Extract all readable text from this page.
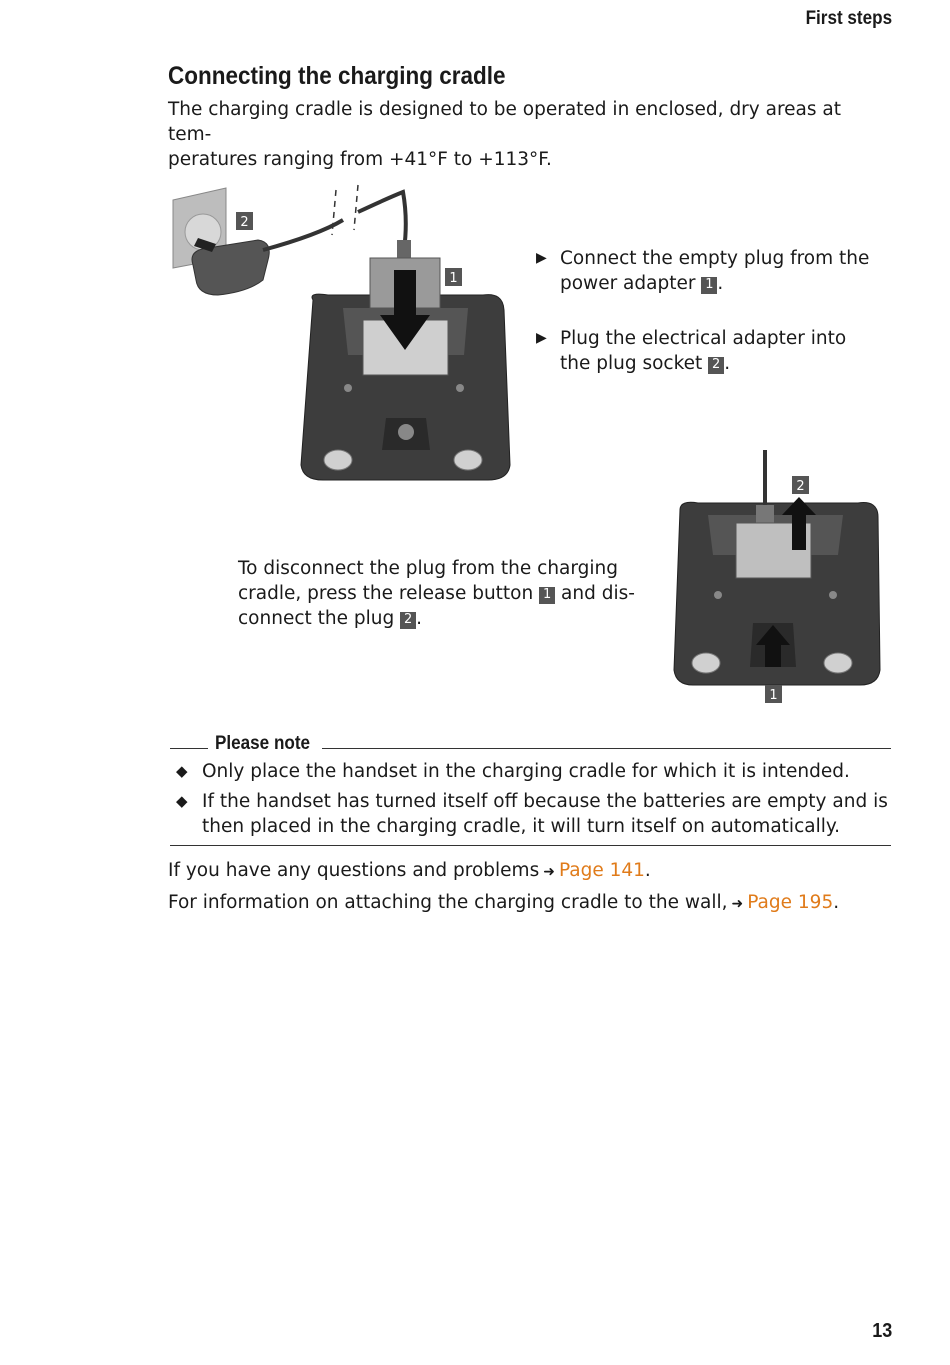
First steps
Connecting the charging cradle
The charging cradle is designed to be operated in enclosed, dry areas at tem-
peratures ranging from +41°F to +113°F.
2
1
▶ Connect the empty plug from the
power adapter 1 .
▶ Plug the electrical adapter into
the plug socket 2 .
2
1
To disconnect the plug from the charging
cradle, press the release button 1 and dis-
connect the plug 2 .
Please note
◆ Only place the handset in the charging cradle for which it is intended.
◆ If the handset has turned itself off because the batteries are empty and is
then placed in the charging cradle, it will turn itself on automatically.
If you have any questions and problems ➜ Page 141.
For information on attaching the charging cradle to the wall, ➜ Page 195.
13
